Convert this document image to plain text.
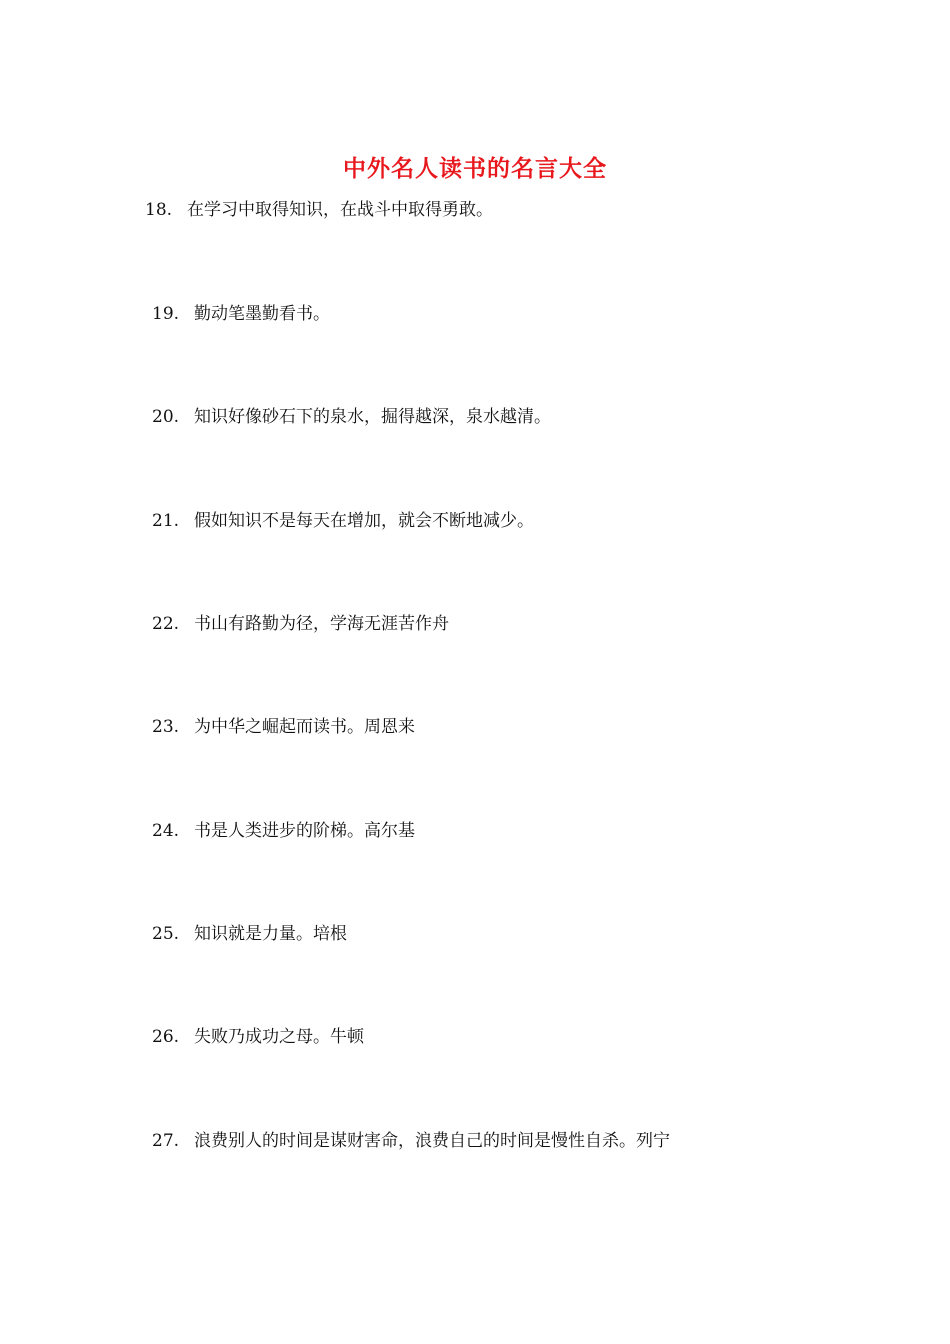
中外名人读书的名言大全
18. 在学习中取得知识，在战斗中取得勇敢。
19. 勤动笔墨勤看书。
20. 知识好像砂石下的泉水，掘得越深，泉水越清。
21. 假如知识不是每天在增加，就会不断地减少。
22. 书山有路勤为径，学海无涯苦作舟
23. 为中华之崛起而读书。周恩来
24. 书是人类进步的阶梯。高尔基
25. 知识就是力量。培根
26. 失败乃成功之母。牛顿
27. 浪费别人的时间是谋财害命，浪费自己的时间是慢性自杀。列宁
